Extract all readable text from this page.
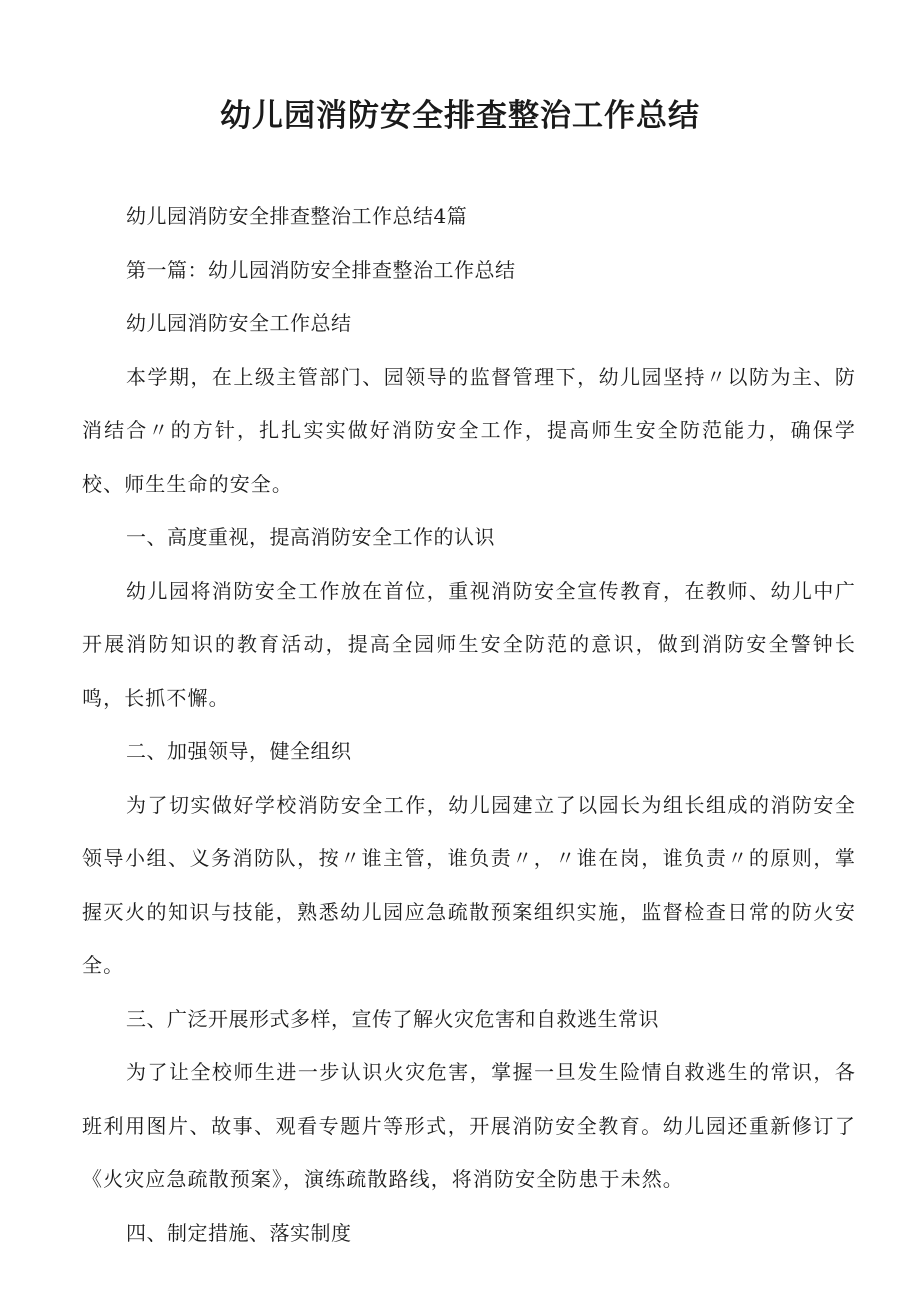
幼儿园消防安全排查整治工作总结

幼儿园消防安全排查整治工作总结4篇

第一篇：幼儿园消防安全排查整治工作总结

幼儿园消防安全工作总结

本学期，在上级主管部门、园领导的监督管理下，幼儿园坚持〃以防为主、防消结合〃的方针，扎扎实实做好消防安全工作，提高师生安全防范能力，确保学校、师生生命的安全。

一、高度重视，提高消防安全工作的认识

幼儿园将消防安全工作放在首位，重视消防安全宣传教育，在教师、幼儿中广开展消防知识的教育活动，提高全园师生安全防范的意识，做到消防安全警钟长鸣，长抓不懈。

二、加强领导，健全组织

为了切实做好学校消防安全工作，幼儿园建立了以园长为组长组成的消防安全领导小组、义务消防队，按〃谁主管，谁负责〃，〃谁在岗，谁负责〃的原则，掌握灭火的知识与技能，熟悉幼儿园应急疏散预案组织实施，监督检查日常的防火安全。

三、广泛开展形式多样，宣传了解火灾危害和自救逃生常识

为了让全校师生进一步认识火灾危害，掌握一旦发生险情自救逃生的常识，各班利用图片、故事、观看专题片等形式，开展消防安全教育。幼儿园还重新修订了《火灾应急疏散预案》，演练疏散路线，将消防安全防患于未然。

四、制定措施、落实制度
